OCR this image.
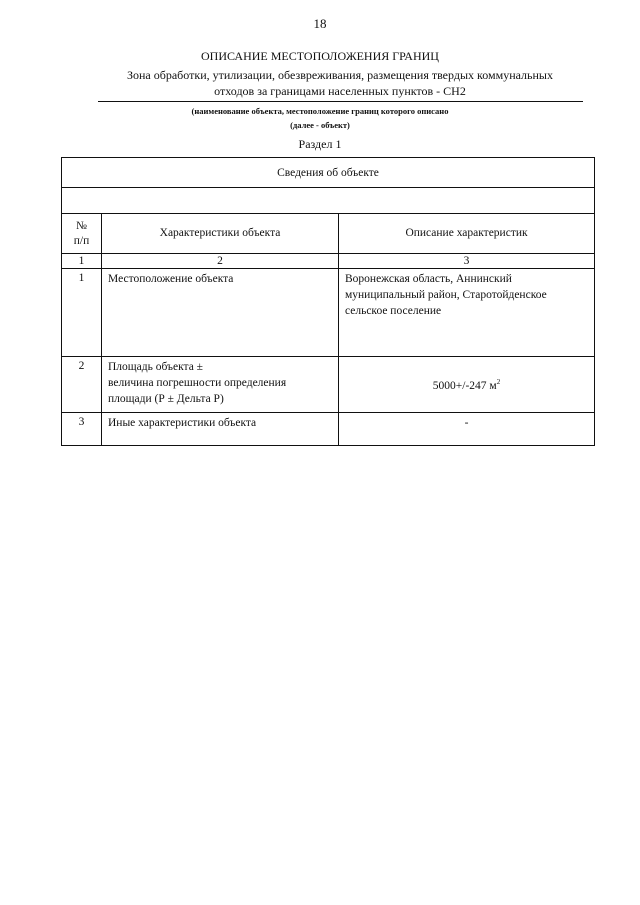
18
ОПИСАНИЕ МЕСТОПОЛОЖЕНИЯ ГРАНИЦ
Зона обработки, утилизации, обезвреживания, размещения твердых коммунальных
отходов за границами населенных пунктов - СН2
(наименование объекта, местоположение границ которого описано
(далее - объект)
Раздел 1
Сведения об объекте		

№
п/п	Характеристики объекта	Описание характеристик
1	2	3
1	Местоположение объекта	Воронежская область, Аннинский
муниципальный район, Старотойденское
сельское поселение

2	Площадь объекта ±
величина погрешности определения
площади (Р ± Дельта Р)	5000+/-247 $м^2$
3	Иные характеристики объекта	-
